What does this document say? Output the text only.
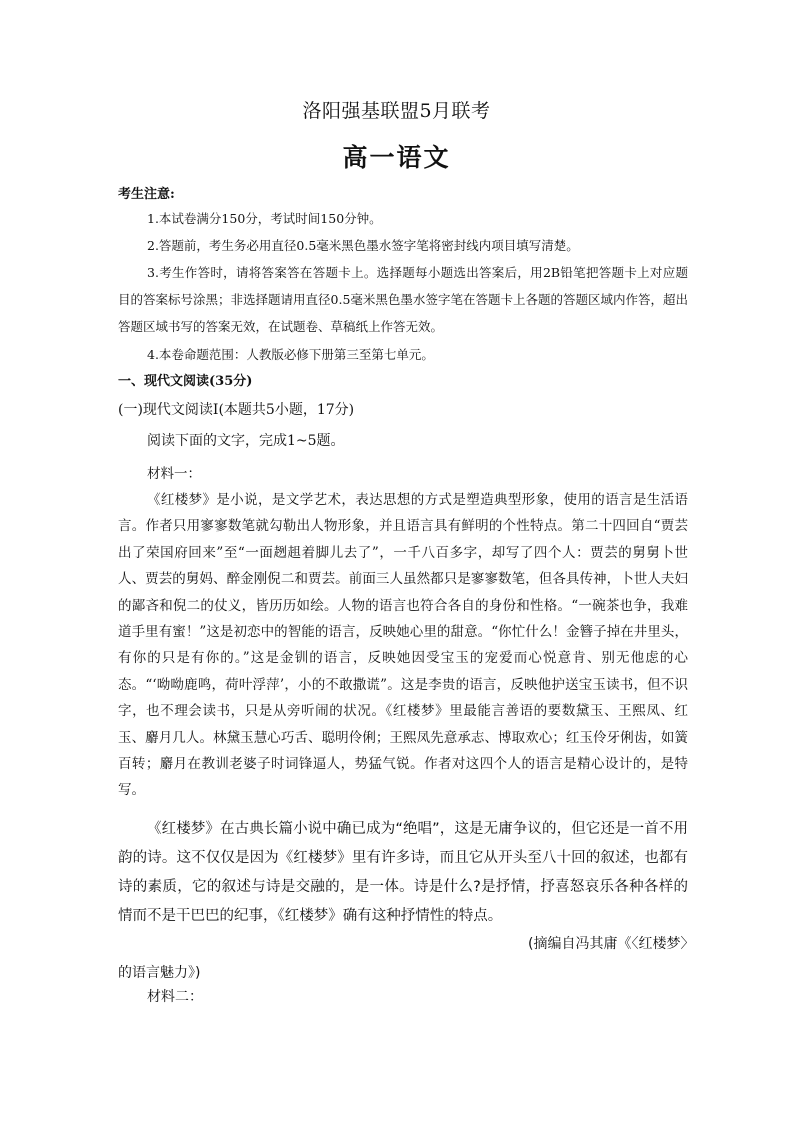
洛阳强基联盟5月联考
高一语文
考生注意:
1.本试卷满分150分，考试时间150分钟。
2.答题前，考生务必用直径0.5毫米黑色墨水签字笔将密封线内项目填写清楚。
3.考生作答时，请将答案答在答题卡上。选择题每小题选出答案后，用2B铅笔把答题卡上对应题目的答案标号涂黑；非选择题请用直径0.5毫米黑色墨水签字笔在答题卡上各题的答题区域内作答，超出答题区域书写的答案无效，在试题卷、草稿纸上作答无效。
4.本卷命题范围：人教版必修下册第三至第七单元。
一、现代文阅读(35分)
(一)现代文阅读Ⅰ(本题共5小题，17分)
阅读下面的文字，完成1~5题。
材料一：
《红楼梦》是小说，是文学艺术，表达思想的方式是塑造典型形象，使用的语言是生活语言。作者只用寥寥数笔就勾勒出人物形象，并且语言具有鲜明的个性特点。第二十四回自“贾芸出了荣国府回来”至“一面趔趄着脚儿去了”，一千八百多字，却写了四个人：贾芸的舅舅卜世人、贾芸的舅妈、醉金刚倪二和贾芸。前面三人虽然都只是寥寥数笔，但各具传神，卜世人夫妇的鄙吝和倪二的仗义，皆历历如绘。人物的语言也符合各自的身份和性格。“一碗茶也争，我难道手里有蜜！”这是初恋中的智能的语言，反映她心里的甜意。“你忙什么！金簪子掉在井里头，有你的只是有你的。”这是金钏的语言，反映她因受宝玉的宠爱而心悦意肯、别无他虑的心态。“‘呦呦鹿鸣，荷叶浮萍’，小的不敢撒谎”。这是李贵的语言，反映他护送宝玉读书，但不识字，也不理会读书，只是从旁听闹的状况。《红楼梦》里最能言善语的要数黛玉、王熙凤、红玉、麝月几人。林黛玉慧心巧舌、聪明伶俐；王熙凤先意承志、博取欢心；红玉伶牙俐齿，如簧百转；麝月在教训老婆子时词锋逼人，势猛气锐。作者对这四个人的语言是精心设计的，是特写。
《红楼梦》在古典长篇小说中确已成为“绝唱”，这是无庸争议的，但它还是一首不用韵的诗。这不仅仅是因为《红楼梦》里有许多诗，而且它从开头至八十回的叙述，也都有诗的素质，它的叙述与诗是交融的，是一体。诗是什么?是抒情，抒喜怒哀乐各种各样的情而不是干巴巴的纪事，《红楼梦》确有这种抒情性的特点。
(摘编自冯其庸《〈红楼梦〉的语言魅力》)
材料二：
